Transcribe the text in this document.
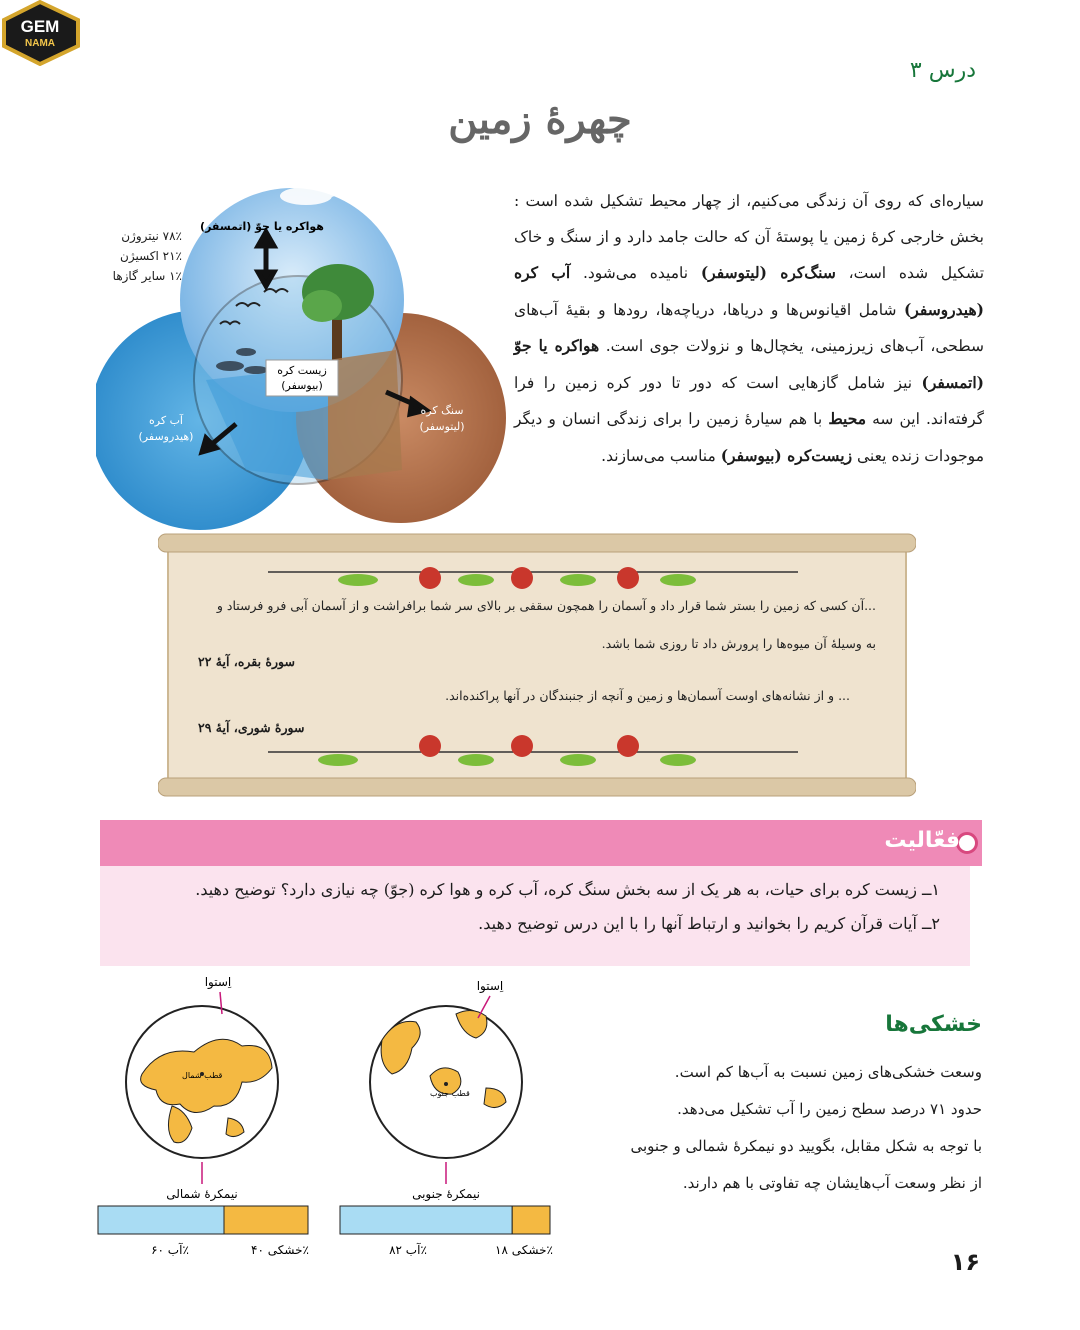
GEM
NAMA
درس ۳
چهرهٔ زمین
سیاره‌ای که روی آن زندگی می‌کنیم، از چهار محیط تشکیل شده است : بخش خارجی کرهٔ زمین یا پوستهٔ آن که حالت جامد دارد و از سنگ و خاک تشکیل شده است، سنگ‌کره (لیتوسفر) نامیده می‌شود. آب کره (هیدروسفر) شامل اقیانوس‌ها و دریاها، دریاچه‌ها، رودها و بقیهٔ آب‌های سطحی، آب‌های زیرزمینی، یخچال‌ها و نزولات جوی است. هواکره یا جوّ (اتمسفر) نیز شامل گازهایی است که دور تا دور کره زمین را فرا گرفته‌اند. این سه محیط با هم سیارهٔ زمین را برای زندگی انسان و دیگر موجودات زنده یعنی زیست‌کره (بیوسفر) مناسب می‌سازند.
زیست کره
(بیوسفر)
هواکره یا جوّ (اتمسفر)
آب کره
(هیدروسفر)
سنگ کره
(لیتوسفر)
۷۸٪ نیتروژن
۲۱٪ اکسیژن
۱٪ سایر گازها
...آن کسی که زمین را بستر شما قرار داد و آسمان را همچون سقفی بر بالای سر شما برافراشت و از آسمان آبی فرو فرستاد و
به وسیلهٔ آن میوه‌ها را پرورش داد تا روزی شما باشد.
سورهٔ بقره، آیهٔ ۲۲
... و از نشانه‌های اوست آسمان‌ها و زمین و آنچه از جنبندگان در آنها پراکنده‌اند.
سورهٔ شوری، آیهٔ ۲۹
فعّالیت
۱ــ زیست کره برای حیات، به هر یک از سه بخش سنگ کره، آب کره و هوا کره (جوّ) چه نیازی دارد؟ توضیح دهید.
۲ــ آیات قرآن کریم را بخوانید و ارتباط آنها را با این درس توضیح دهید.
خشکی‌ها
وسعت خشکی‌های زمین نسبت به آب‌ها کم است.
حدود ۷۱ درصد سطح زمین را آب تشکیل می‌دهد.
با توجه به شکل مقابل، بگویید دو نیمکرهٔ شمالی و جنوبی
از نظر وسعت آب‌هایشان چه تفاوتی با هم دارند.
قطب شمال
اِستوا
نیمکرهٔ شمالی
آب ۶۰٪	خشکی ۴۰٪
قطب جنوب
اِستوا
نیمکرهٔ جنوبی
آب ۸۲٪	خشکی ۱۸٪	۱۶
